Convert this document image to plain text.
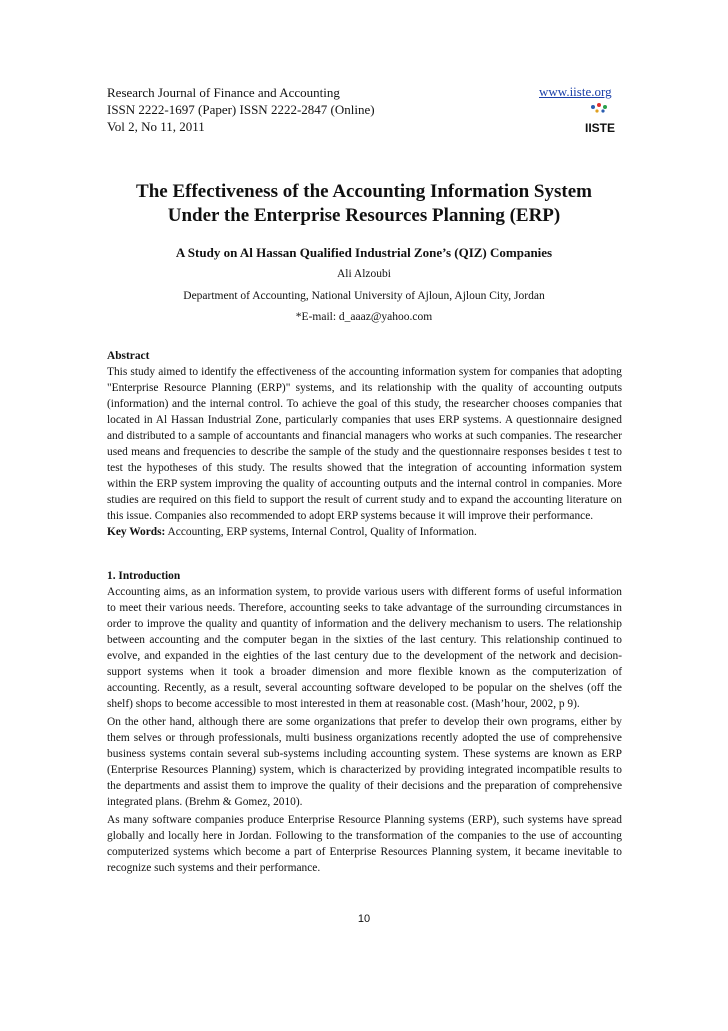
Research Journal of Finance and Accounting
ISSN 2222-1697 (Paper) ISSN 2222-2847 (Online)
Vol 2, No 11, 2011
www.iiste.org
IISTE
The Effectiveness of the Accounting Information System
Under the Enterprise Resources Planning (ERP)
A Study on Al Hassan Qualified Industrial Zone’s (QIZ) Companies
Ali Alzoubi
Department of Accounting, National University of Ajloun, Ajloun City, Jordan
*E-mail: d_aaaz@yahoo.com
Abstract

This study aimed to identify the effectiveness of the accounting information system for companies that adopting "Enterprise Resource Planning (ERP)" systems, and its relationship with the quality of accounting outputs (information) and the internal control. To achieve the goal of this study, the researcher chooses companies that located in Al Hassan Industrial Zone, particularly companies that uses ERP systems. A questionnaire designed and distributed to a sample of accountants and financial managers who works at such companies. The researcher used means and frequencies to describe the sample of the study and the questionnaire responses besides t test to test the hypotheses of this study. The results showed that the integration of accounting information system within the ERP system improving the quality of accounting outputs and the internal control in companies. More studies are required on this field to support the result of current study and to expand the accounting literature on this issue. Companies also recommended to adopt ERP systems because it will improve their performance.

Key Words: Accounting, ERP systems, Internal Control, Quality of Information.

1. Introduction

Accounting aims, as an information system, to provide various users with different forms of useful information to meet their various needs. Therefore, accounting seeks to take advantage of the surrounding circumstances in order to improve the quality and quantity of information and the delivery mechanism to users. The relationship between accounting and the computer began in the sixties of the last century. This relationship continued to evolve, and expanded in the eighties of the last century due to the development of the network and decision-support systems when it took a broader dimension and more flexible known as the computerization of accounting. Recently, as a result, several accounting software developed to be popular on the shelves (off the shelf) shops to become accessible to most interested in them at reasonable cost. (Mash’hour, 2002, p 9).

On the other hand, although there are some organizations that prefer to develop their own programs, either by them selves or through professionals, multi business organizations recently adopted the use of comprehensive business systems contain several sub-systems including accounting system. These systems are known as ERP (Enterprise Resources Planning) system, which is characterized by providing integrated incompatible results to the departments and assist them to improve the quality of their decisions and the preparation of comprehensive integrated plans. (Brehm & Gomez, 2010).

As many software companies produce Enterprise Resource Planning systems (ERP), such systems have spread globally and locally here in Jordan. Following to the transformation of the companies to the use of accounting computerized systems which become a part of Enterprise Resources Planning system, it became inevitable to recognize such systems and their performance.

10
